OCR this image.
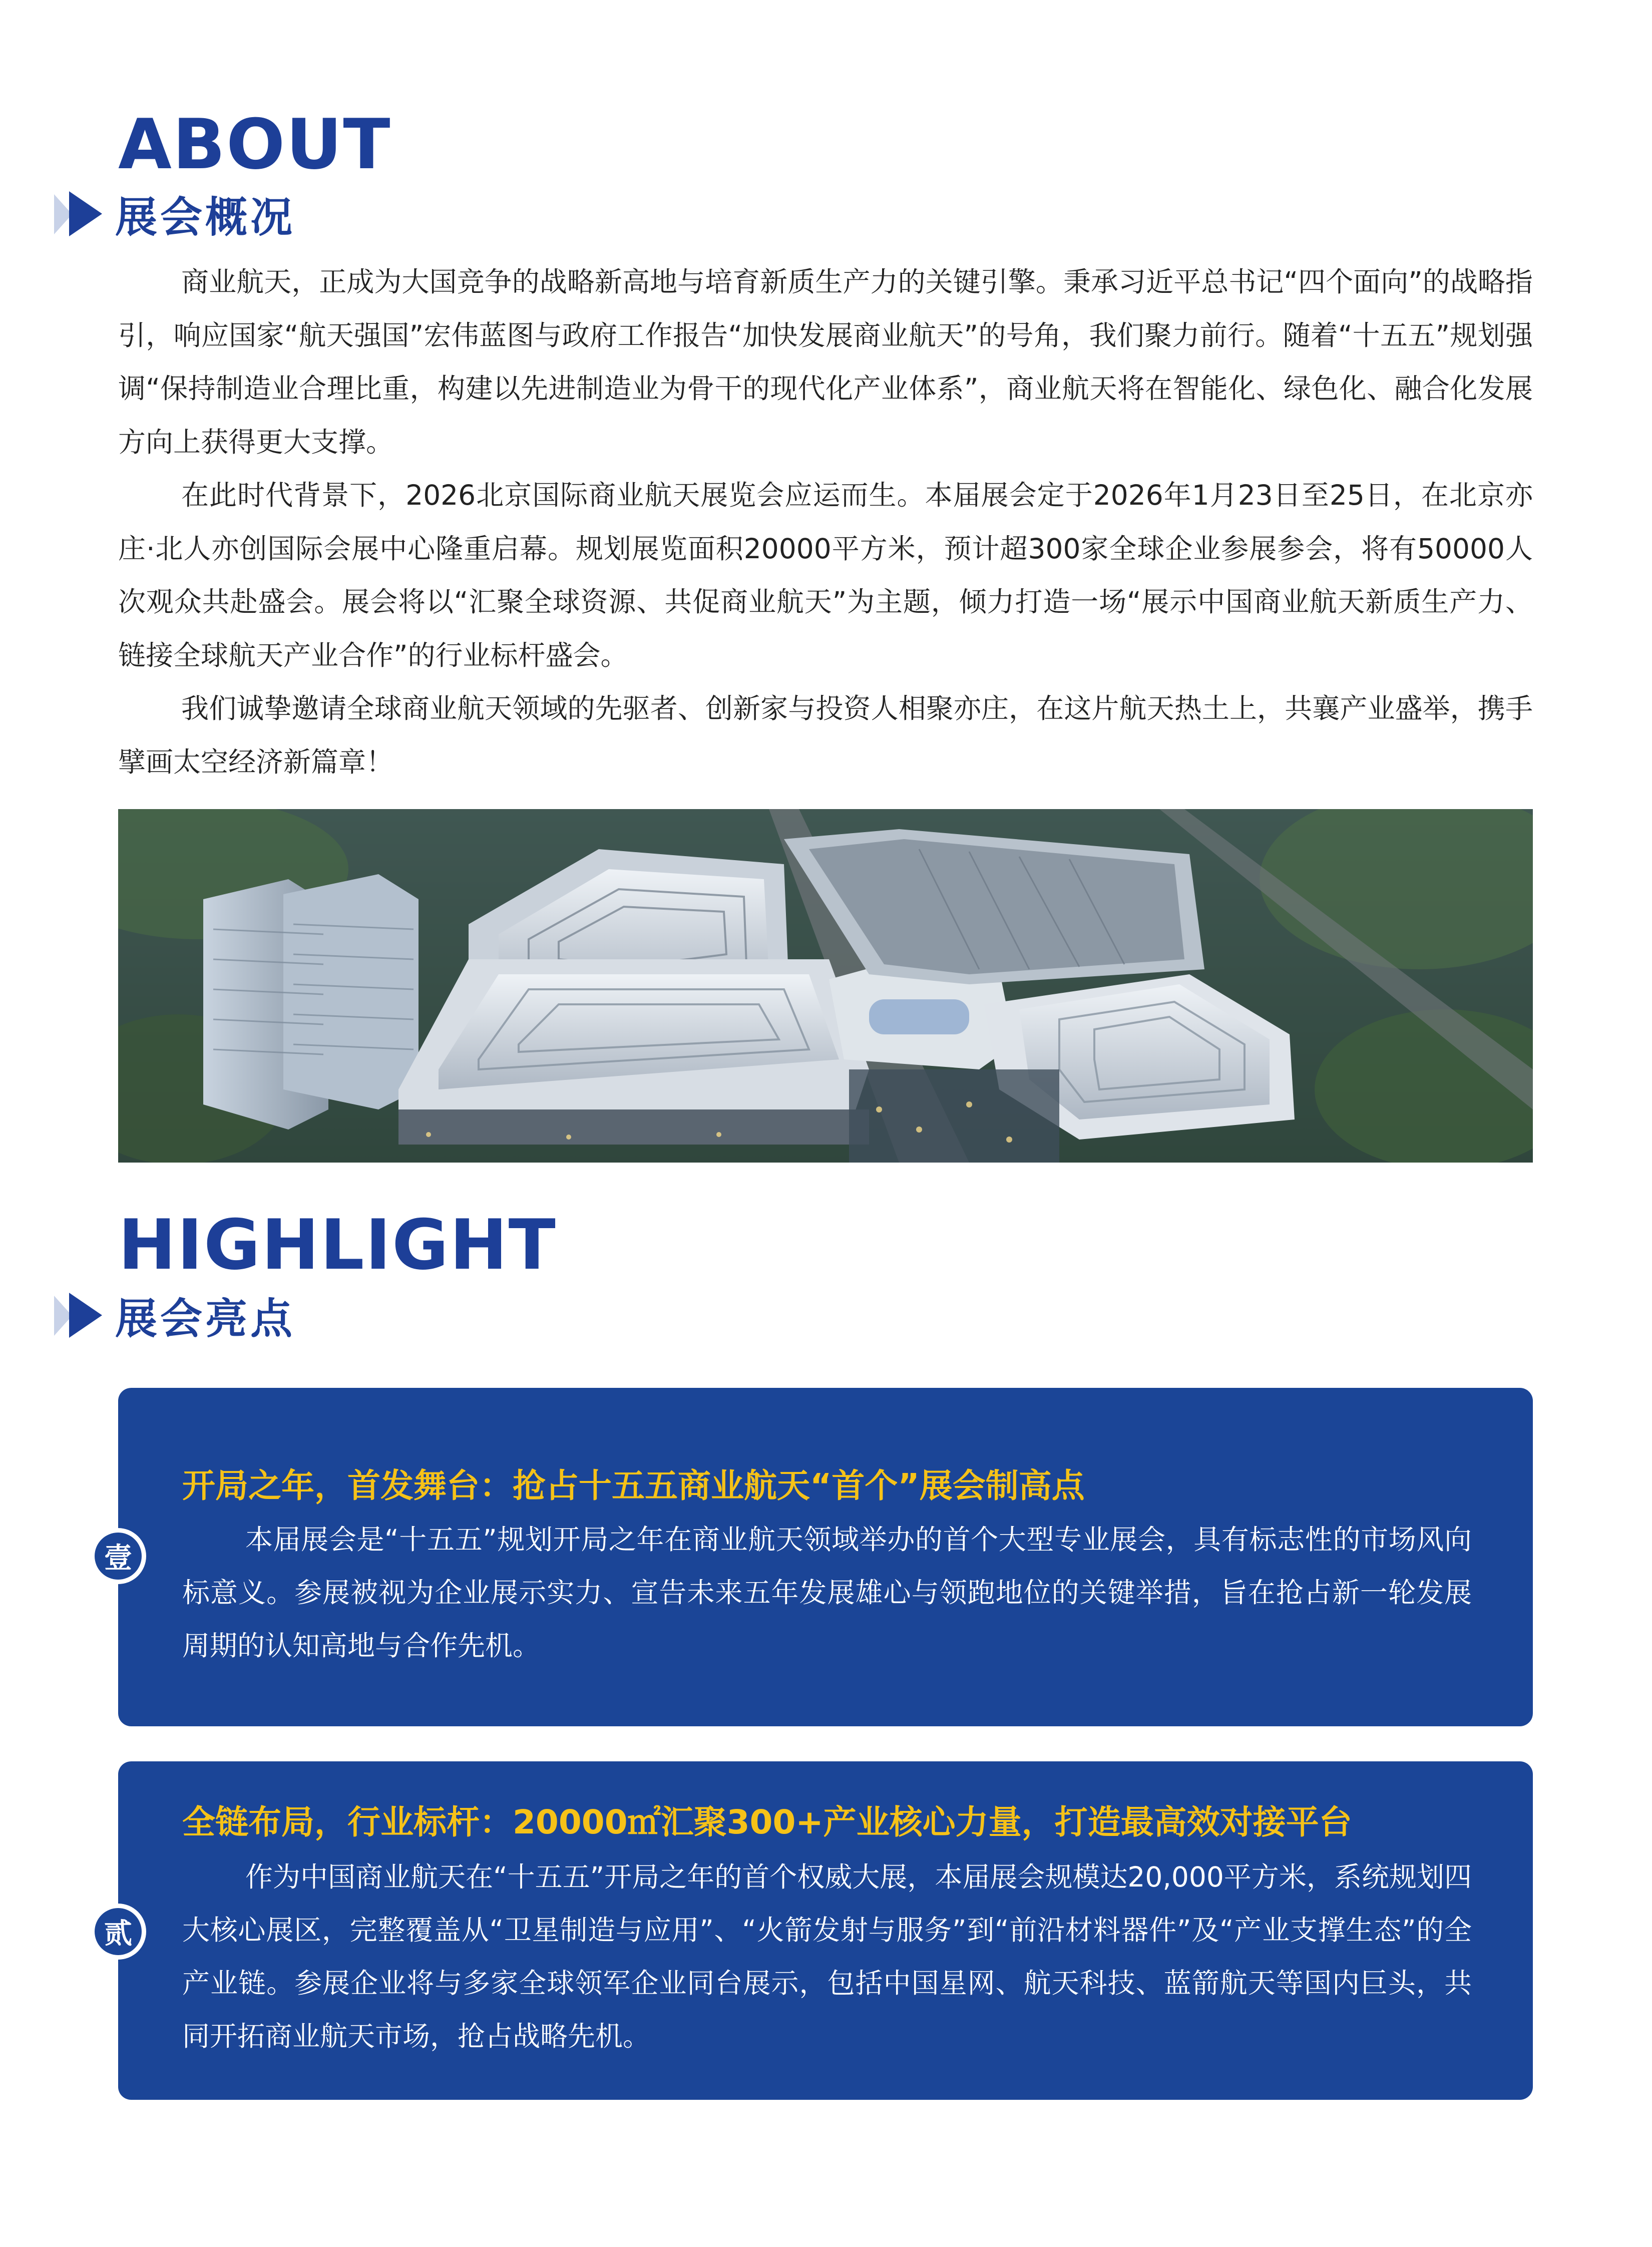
ABOUT
展会概况

商业航天，正成为大国竞争的战略新高地与培育新质生产力的关键引擎。秉承习近平总书记“四个面向”的战略指引，响应国家“航天强国”宏伟蓝图与政府工作报告“加快发展商业航天”的号角，我们聚力前行。随着“十五五”规划强调“保持制造业合理比重，构建以先进制造业为骨干的现代化产业体系”，商业航天将在智能化、绿色化、融合化发展方向上获得更大支撑。

在此时代背景下，2026北京国际商业航天展览会应运而生。本届展会定于2026年1月23日至25日，在北京亦庄·北人亦创国际会展中心隆重启幕。规划展览面积20000平方米，预计超300家全球企业参展参会，将有50000人次观众共赴盛会。展会将以“汇聚全球资源、共促商业航天”为主题，倾力打造一场“展示中国商业航天新质生产力、链接全球航天产业合作”的行业标杆盛会。

我们诚挚邀请全球商业航天领域的先驱者、创新家与投资人相聚亦庄，在这片航天热土上，共襄产业盛举，携手擘画太空经济新篇章！

HIGHLIGHT
展会亮点
开局之年，首发舞台：抢占十五五商业航天“首个”展会制高点

本届展会是“十五五”规划开局之年在商业航天领域举办的首个大型专业展会，具有标志性的市场风向标意义。参展被视为企业展示实力、宣告未来五年发展雄心与领跑地位的关键举措，旨在抢占新一轮发展周期的认知高地与合作先机。

壹
全链布局，行业标杆：20000㎡汇聚300+产业核心力量，打造最高效对接平台

作为中国商业航天在“十五五”开局之年的首个权威大展，本届展会规模达20,000平方米，系统规划四大核心展区，完整覆盖从“卫星制造与应用”、“火箭发射与服务”到“前沿材料器件”及“产业支撑生态”的全产业链。参展企业将与多家全球领军企业同台展示，包括中国星网、航天科技、蓝箭航天等国内巨头，共同开拓商业航天市场，抢占战略先机。

贰
